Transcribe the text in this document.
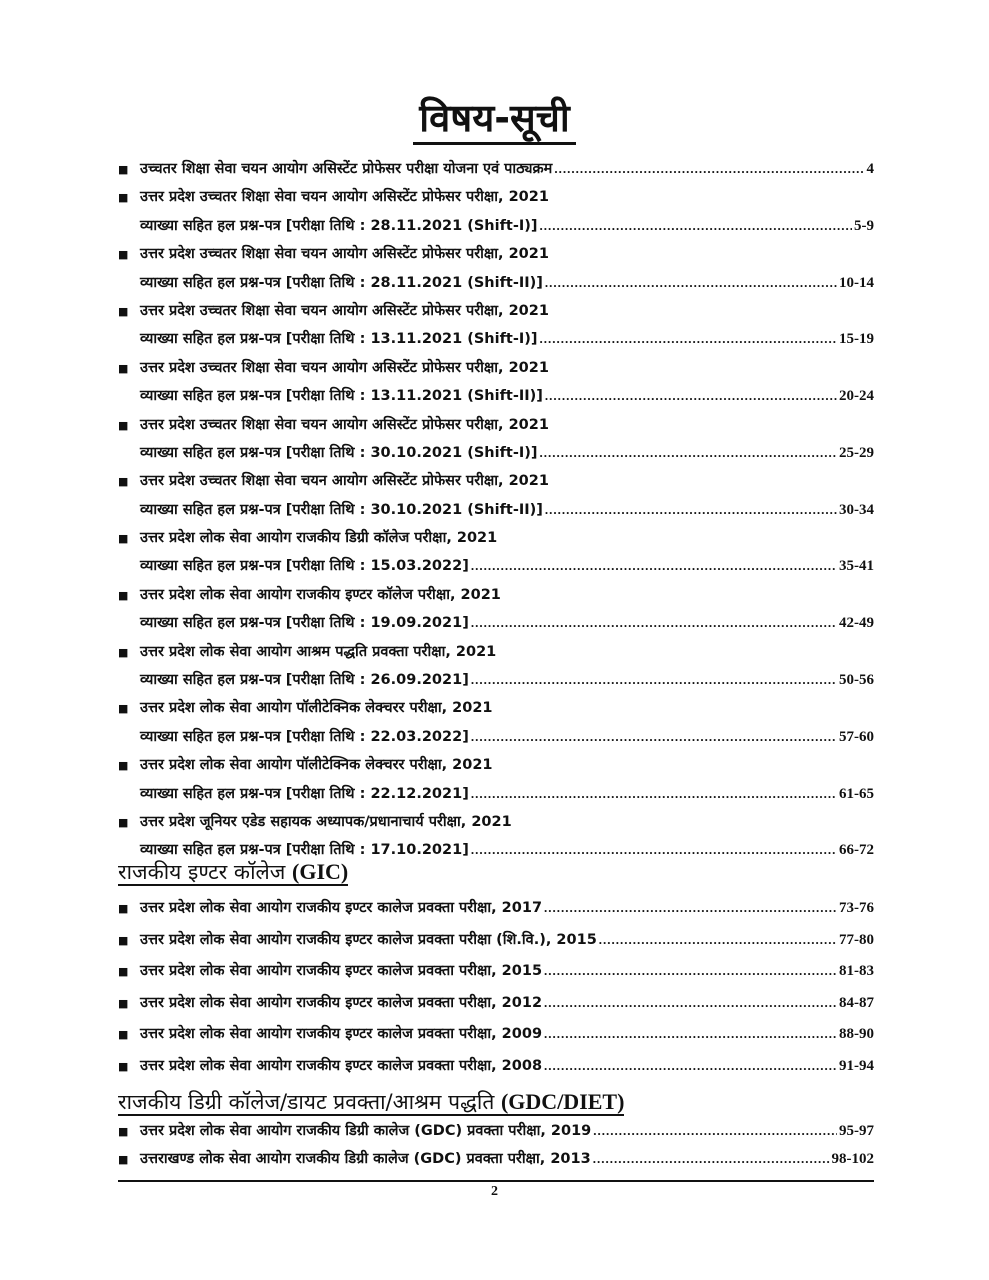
विषय-सूची
■ उच्चतर शिक्षा सेवा चयन आयोग असिस्टेंट प्रोफेसर परीक्षा योजना एवं पाठ्यक्रम .....	4
■ उत्तर प्रदेश उच्चतर शिक्षा सेवा चयन आयोग असिस्टेंट प्रोफेसर परीक्षा, 2021
व्याख्या सहित हल प्रश्न-पत्र [परीक्षा तिथि : 28.11.2021 (Shift-I)] .....	5-9
■ उत्तर प्रदेश उच्चतर शिक्षा सेवा चयन आयोग असिस्टेंट प्रोफेसर परीक्षा, 2021
व्याख्या सहित हल प्रश्न-पत्र [परीक्षा तिथि : 28.11.2021 (Shift-II)] .....	10-14
■ उत्तर प्रदेश उच्चतर शिक्षा सेवा चयन आयोग असिस्टेंट प्रोफेसर परीक्षा, 2021
व्याख्या सहित हल प्रश्न-पत्र [परीक्षा तिथि : 13.11.2021 (Shift-I)] .....	15-19
■ उत्तर प्रदेश उच्चतर शिक्षा सेवा चयन आयोग असिस्टेंट प्रोफेसर परीक्षा, 2021
व्याख्या सहित हल प्रश्न-पत्र [परीक्षा तिथि : 13.11.2021 (Shift-II)] .....	20-24
■ उत्तर प्रदेश उच्चतर शिक्षा सेवा चयन आयोग असिस्टेंट प्रोफेसर परीक्षा, 2021
व्याख्या सहित हल प्रश्न-पत्र [परीक्षा तिथि : 30.10.2021 (Shift-I)] .....	25-29
■ उत्तर प्रदेश उच्चतर शिक्षा सेवा चयन आयोग असिस्टेंट प्रोफेसर परीक्षा, 2021
व्याख्या सहित हल प्रश्न-पत्र [परीक्षा तिथि : 30.10.2021 (Shift-II)] .....	30-34
■ उत्तर प्रदेश लोक सेवा आयोग राजकीय डिग्री कॉलेज परीक्षा, 2021
व्याख्या सहित हल प्रश्न-पत्र [परीक्षा तिथि : 15.03.2022] .....	35-41
■ उत्तर प्रदेश लोक सेवा आयोग राजकीय इण्टर कॉलेज परीक्षा, 2021
व्याख्या सहित हल प्रश्न-पत्र [परीक्षा तिथि : 19.09.2021] .....	42-49
■ उत्तर प्रदेश लोक सेवा आयोग आश्रम पद्धति प्रवक्ता परीक्षा, 2021
व्याख्या सहित हल प्रश्न-पत्र [परीक्षा तिथि : 26.09.2021] .....	50-56
■ उत्तर प्रदेश लोक सेवा आयोग पॉलीटेक्निक लेक्चरर परीक्षा, 2021
व्याख्या सहित हल प्रश्न-पत्र [परीक्षा तिथि : 22.03.2022] .....	57-60
■ उत्तर प्रदेश लोक सेवा आयोग पॉलीटेक्निक लेक्चरर परीक्षा, 2021
व्याख्या सहित हल प्रश्न-पत्र [परीक्षा तिथि : 22.12.2021] .....	61-65
■ उत्तर प्रदेश जूनियर एडेड सहायक अध्यापक/प्रधानाचार्य परीक्षा, 2021
व्याख्या सहित हल प्रश्न-पत्र [परीक्षा तिथि : 17.10.2021] .....	66-72
राजकीय इण्टर कॉलेज (GIC)
■ उत्तर प्रदेश लोक सेवा आयोग राजकीय इण्टर कालेज प्रवक्ता परीक्षा, 2017 .....	73-76
■ उत्तर प्रदेश लोक सेवा आयोग राजकीय इण्टर कालेज प्रवक्ता परीक्षा (शि.वि.), 2015 .....	77-80
■ उत्तर प्रदेश लोक सेवा आयोग राजकीय इण्टर कालेज प्रवक्ता परीक्षा, 2015 .....	81-83
■ उत्तर प्रदेश लोक सेवा आयोग राजकीय इण्टर कालेज प्रवक्ता परीक्षा, 2012 .....	84-87
■ उत्तर प्रदेश लोक सेवा आयोग राजकीय इण्टर कालेज प्रवक्ता परीक्षा, 2009 .....	88-90
■ उत्तर प्रदेश लोक सेवा आयोग राजकीय इण्टर कालेज प्रवक्ता परीक्षा, 2008 .....	91-94
राजकीय डिग्री कॉलेज/डायट प्रवक्ता/आश्रम पद्धति (GDC/DIET)
■ उत्तर प्रदेश लोक सेवा आयोग राजकीय डिग्री कालेज (GDC) प्रवक्ता परीक्षा, 2019 .....	95-97
■ उत्तराखण्ड लोक सेवा आयोग राजकीय डिग्री कालेज (GDC) प्रवक्ता परीक्षा, 2013 .....	98-102
2
